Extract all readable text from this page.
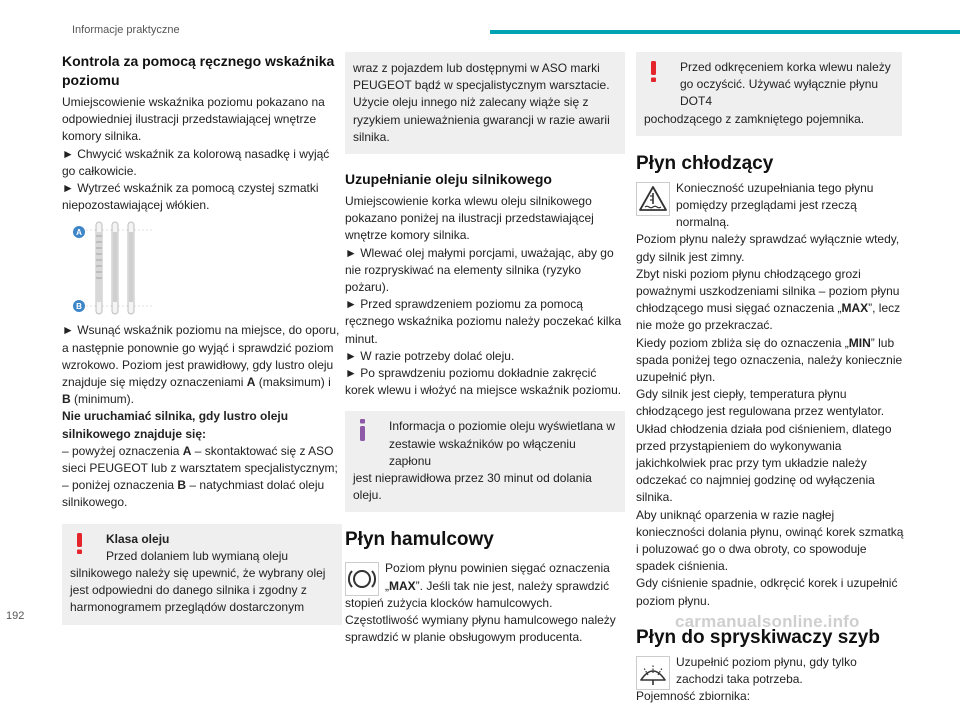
Informacje praktyczne
Kontrola za pomocą ręcznego wskaźnika poziomu

Umiejscowienie wskaźnika poziomu pokazano na odpowiedniej ilustracji przedstawiającej wnętrze komory silnika.

► Chwycić wskaźnik za kolorową nasadkę i wyjąć go całkowicie.

► Wytrzeć wskaźnik za pomocą czystej szmatki niepozostawiającej włókien.

A
B

► Wsunąć wskaźnik poziomu na miejsce, do oporu, a następnie ponownie go wyjąć i sprawdzić poziom wzrokowo. Poziom jest prawidłowy, gdy lustro oleju znajduje się między oznaczeniami A (maksimum) i B (minimum).

Nie uruchamiać silnika, gdy lustro oleju silnikowego znajduje się:

– powyżej oznaczenia A – skontaktować się z ASO sieci PEUGEOT lub z warsztatem specjalistycznym;

– poniżej oznaczenia B – natychmiast dolać oleju silnikowego.

Klasa oleju

Przed dolaniem lub wymianą oleju

silnikowego należy się upewnić, że wybrany olej jest odpowiedni do danego silnika i zgodny z harmonogramem przeglądów dostarczonym

wraz z pojazdem lub dostępnymi w ASO marki PEUGEOT bądź w specjalistycznym warsztacie. Użycie oleju innego niż zalecany wiąże się z ryzykiem unieważnienia gwarancji w razie awarii silnika.

Uzupełnianie oleju silnikowego

Umiejscowienie korka wlewu oleju silnikowego pokazano poniżej na ilustracji przedstawiającej wnętrze komory silnika.

► Wlewać olej małymi porcjami, uważając, aby go nie rozpryskiwać na elementy silnika (ryzyko pożaru).

► Przed sprawdzeniem poziomu za pomocą ręcznego wskaźnika poziomu należy poczekać kilka minut.

► W razie potrzeby dolać oleju.

► Po sprawdzeniu poziomu dokładnie zakręcić korek wlewu i włożyć na miejsce wskaźnik poziomu.

Informacja o poziomie oleju wyświetlana w zestawie wskaźników po włączeniu zapłonu

jest nieprawidłowa przez 30 minut od dolania oleju.

Płyn hamulcowy

Poziom płynu powinien sięgać oznaczenia „MAX”. Jeśli tak nie jest, należy sprawdzić

stopień zużycia klocków hamulcowych. Częstotliwość wymiany płynu hamulcowego należy sprawdzić w planie obsługowym producenta.

Przed odkręceniem korka wlewu należy go oczyścić. Używać wyłącznie płynu DOT4

pochodzącego z zamkniętego pojemnika.

Płyn chłodzący

Konieczność uzupełniania tego płynu pomiędzy przeglądami jest rzeczą normalną.

Poziom płynu należy sprawdzać wyłącznie wtedy, gdy silnik jest zimny.

Zbyt niski poziom płynu chłodzącego grozi poważnymi uszkodzeniami silnika – poziom płynu chłodzącego musi sięgać oznaczenia „MAX”, lecz nie może go przekraczać.

Kiedy poziom zbliża się do oznaczenia „MIN” lub spada poniżej tego oznaczenia, należy koniecznie uzupełnić płyn.

Gdy silnik jest ciepły, temperatura płynu chłodzącego jest regulowana przez wentylator.

Układ chłodzenia działa pod ciśnieniem, dlatego przed przystąpieniem do wykonywania jakichkolwiek prac przy tym układzie należy odczekać co najmniej godzinę od wyłączenia silnika.

Aby uniknąć oparzenia w razie nagłej konieczności dolania płynu, owinąć korek szmatką i poluzować go o dwa obroty, co spowoduje spadek ciśnienia.

Gdy ciśnienie spadnie, odkręcić korek i uzupełnić poziom płynu.

Płyn do spryskiwaczy szyb

Uzupełnić poziom płynu, gdy tylko zachodzi taka potrzeba.

Pojemność zbiornika:

192	carmanualsonline.info
